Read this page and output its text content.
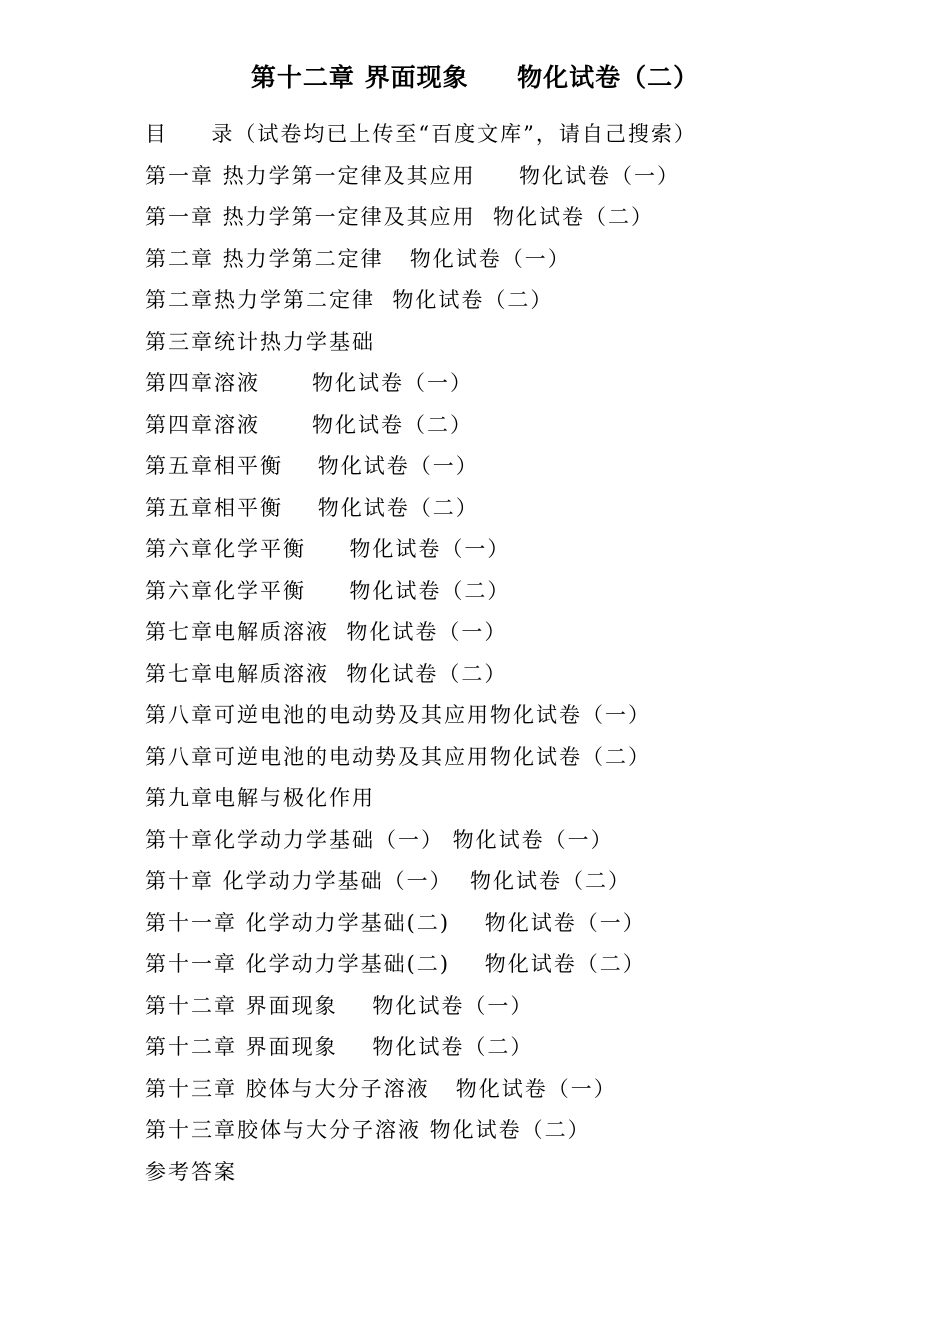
第十二章 界面现象     物化试卷（二）
目     录（试卷均已上传至“百度文库”，请自己搜索）
第一章 热力学第一定律及其应用     物化试卷（一）
第一章 热力学第一定律及其应用  物化试卷（二）
第二章 热力学第二定律   物化试卷（一）
第二章热力学第二定律  物化试卷（二）
第三章统计热力学基础
第四章溶液      物化试卷（一）
第四章溶液      物化试卷（二）
第五章相平衡    物化试卷（一）
第五章相平衡    物化试卷（二）
第六章化学平衡     物化试卷（一）
第六章化学平衡     物化试卷（二）
第七章电解质溶液  物化试卷（一）
第七章电解质溶液  物化试卷（二）
第八章可逆电池的电动势及其应用物化试卷（一）
第八章可逆电池的电动势及其应用物化试卷（二）
第九章电解与极化作用
第十章化学动力学基础（一） 物化试卷（一）
第十章 化学动力学基础（一）  物化试卷（二）
第十一章 化学动力学基础(二)    物化试卷（一）
第十一章 化学动力学基础(二)    物化试卷（二）
第十二章 界面现象    物化试卷（一）
第十二章 界面现象    物化试卷（二）
第十三章 胶体与大分子溶液   物化试卷（一）
第十三章胶体与大分子溶液 物化试卷（二）
参考答案
